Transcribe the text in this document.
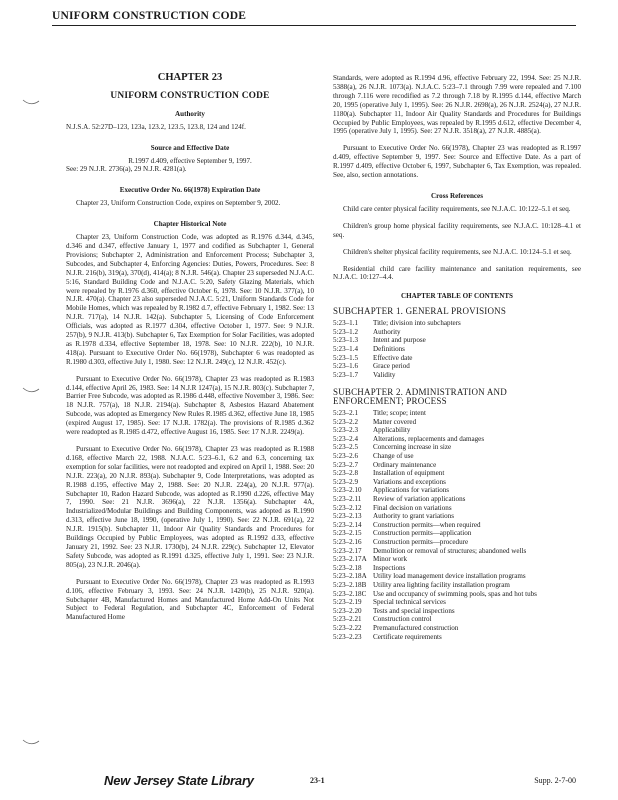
UNIFORM CONSTRUCTION CODE
CHAPTER 23
UNIFORM CONSTRUCTION CODE
Authority
N.J.S.A. 52:27D–123, 123a, 123.2, 123.5, 123.8, 124 and 124f.
Source and Effective Date
R.1997 d.409, effective September 9, 1997.
See: 29 N.J.R. 2736(a), 29 N.J.R. 4281(a).
Executive Order No. 66(1978) Expiration Date
Chapter 23, Uniform Construction Code, expires on September 9, 2002.
Chapter Historical Note
Chapter 23, Uniform Construction Code, was adopted as R.1976 d.344, d.345, d.346 and d.347, effective January 1, 1977 and codified as Subchapter 1, General Provisions; Subchapter 2, Administration and Enforcement Process; Subchapter 3, Subcodes, and Subchapter 4, Enforcing Agencies: Duties, Powers, Procedures. See: 8 N.J.R. 216(b), 319(a), 370(d), 414(a); 8 N.J.R. 546(a). Chapter 23 superseded N.J.A.C. 5:16, Standard Building Code and N.J.A.C. 5:20, Safety Glazing Materials, which were repealed by R.1976 d.360, effective October 6, 1978. See: 10 N.J.R. 377(a), 10 N.J.R. 470(a). Chapter 23 also superseded N.J.A.C. 5:21, Uniform Standards Code for Mobile Homes, which was repealed by R.1982 d.7, effective February 1, 1982. See: 13 N.J.R. 717(a), 14 N.J.R. 142(a). Subchapter 5, Licensing of Code Enforcement Officials, was adopted as R.1977 d.304, effective October 1, 1977. See: 9 N.J.R. 257(b), 9 N.J.R. 413(b). Subchapter 6, Tax Exemption for Solar Facilities, was adopted as R.1978 d.334, effective September 18, 1978. See: 10 N.J.R. 222(b), 10 N.J.R. 418(a). Pursuant to Executive Order No. 66(1978), Subchapter 6 was readopted as R.1980 d.303, effective July 1, 1980. See: 12 N.J.R. 249(c), 12 N.J.R. 452(c).
Pursuant to Executive Order No. 66(1978), Chapter 23 was readopted as R.1983 d.144, effective April 26, 1983. See: 14 N.J.R 1247(a), 15 N.J.R. 803(c). Subchapter 7, Barrier Free Subcode, was adopted as R.1986 d.448, effective November 3, 1986. See: 18 N.J.R. 757(a), 18 N.J.R. 2194(a). Subchapter 8, Asbestos Hazard Abatement Subcode, was adopted as Emergency New Rules R.1985 d.362, effective June 18, 1985 (expired August 17, 1985). See: 17 N.J.R. 1782(a). The provisions of R.1985 d.362 were readopted as R.1985 d.472, effective August 16, 1985. See: 17 N.J.R. 2249(a).
Pursuant to Executive Order No. 66(1978), Chapter 23 was readopted as R.1988 d.168, effective March 22, 1988. N.J.A.C. 5:23–6.1, 6.2 and 6.3, concerning tax exemption for solar facilities, were not readopted and expired on April 1, 1988. See: 20 N.J.R. 223(a), 20 N.J.R. 893(a). Subchapter 9, Code Interpretations, was adopted as R.1988 d.195, effective May 2, 1988. See: 20 N.J.R. 224(a), 20 N.J.R. 977(a). Subchapter 10, Radon Hazard Subcode, was adopted as R.1990 d.226, effective May 7, 1990. See: 21 N.J.R. 3696(a), 22 N.J.R. 1356(a). Subchapter 4A, Industrialized/Modular Buildings and Building Components, was adopted as R.1990 d.313, effective June 18, 1990, (operative July 1, 1990). See: 22 N.J.R. 691(a), 22 N.J.R. 1915(b). Subchapter 11, Indoor Air Quality Standards and Procedures for Buildings Occupied by Public Employees, was adopted as R.1992 d.33, effective January 21, 1992. See: 23 N.J.R. 1730(b), 24 N.J.R. 229(c). Subchapter 12, Elevator Safety Subcode, was adopted as R.1991 d.325, effective July 1, 1991. See: 23 N.J.R. 805(a), 23 N.J.R. 2046(a).
Pursuant to Executive Order No. 66(1978), Chapter 23 was readopted as R.1993 d.106, effective February 3, 1993. See: 24 N.J.R. 1420(b), 25 N.J.R. 920(a). Subchapter 4B, Manufactured Homes and Manufactured Home Add-On Units Not Subject to Federal Regulation, and Subchapter 4C, Enforcement of Federal Manufactured Home
Standards, were adopted as R.1994 d.96, effective February 22, 1994. See: 25 N.J.R. 5388(a), 26 N.J.R. 1073(a). N.J.A.C. 5:23–7.1 through 7.99 were repealed and 7.100 through 7.116 were recodified as 7.2 through 7.18 by R.1995 d.144, effective March 20, 1995 (operative July 1, 1995). See: 26 N.J.R. 2698(a), 26 N.J.R. 2524(a), 27 N.J.R. 1180(a). Subchapter 11, Indoor Air Quality Standards and Procedures for Buildings Occupied by Public Employees, was repealed by R.1995 d.612, effective December 4, 1995 (operative July 1, 1995). See: 27 N.J.R. 3518(a), 27 N.J.R. 4885(a).
Pursuant to Executive Order No. 66(1978), Chapter 23 was readopted as R.1997 d.409, effective September 9, 1997. See: Source and Effective Date. As a part of R.1997 d.409, effective October 6, 1997, Subchapter 6, Tax Exemption, was repealed. See, also, section annotations.
Cross References
Child care center physical facility requirements, see N.J.A.C. 10:122–5.1 et seq.
Children's group home physical facility requirements, see N.J.A.C. 10:128–4.1 et seq.
Children's shelter physical facility requirements, see N.J.A.C. 10:124–5.1 et seq.
Residential child care facility maintenance and sanitation requirements, see N.J.A.C. 10:127–4.4.
CHAPTER TABLE OF CONTENTS
SUBCHAPTER 1. GENERAL PROVISIONS
5:23–1.1	Title; division into subchapters
5:23–1.2	Authority
5:23–1.3	Intent and purpose
5:23–1.4	Definitions
5:23–1.5	Effective date
5:23–1.6	Grace period
5:23–1.7	Validity
SUBCHAPTER 2. ADMINISTRATION AND
ENFORCEMENT; PROCESS
5:23–2.1	Title; scope; intent
5:23–2.2	Matter covered
5:23–2.3	Applicability
5:23–2.4	Alterations, replacements and damages
5:23–2.5	Concerning increase in size
5:23–2.6	Change of use
5:23–2.7	Ordinary maintenance
5:23–2.8	Installation of equipment
5:23–2.9	Variations and exceptions
5:23–2.10	Applications for variations
5:23–2.11	Review of variation applications
5:23–2.12	Final decision on variations
5:23–2.13	Authority to grant variations
5:23–2.14	Construction permits—when required
5:23–2.15	Construction permits—application
5:23–2.16	Construction permits—procedure
5:23–2.17	Demolition or removal of structures; abandoned wells
5:23–2.17A Minor work
5:23–2.18	Inspections
5:23–2.18A Utility load management device installation programs
5:23–2.18B Utility area lighting facility installation program
5:23–2.18C Use and occupancy of swimming pools, spas and hot tubs
5:23–2.19	Special technical services
5:23–2.20	Tests and special inspections
5:23–2.21	Construction control
5:23–2.22	Premanufactured construction
5:23–2.23	Certificate requirements
New Jersey State Library	23-1	Supp. 2-7-00
